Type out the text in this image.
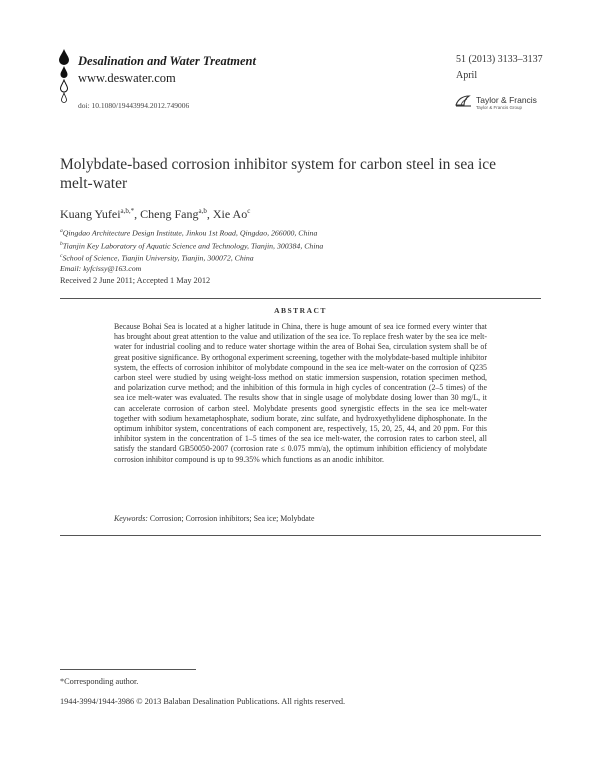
Desalination and Water Treatment
www.deswater.com
doi: 10.1080/19443994.2012.749006
51 (2013) 3133–3137
April
Taylor & Francis
Taylor & Francis Group
Molybdate-based corrosion inhibitor system for carbon steel in sea ice melt-water
Kuang Yufei$^{a,b,*}$, Cheng Fang$^{a,b}$, Xie Ao$^c$
$^a$Qingdao Architecture Design Institute, Jinkou 1st Road, Qingdao, 266000, China
$^b$Tianjin Key Laboratory of Aquatic Science and Technology, Tianjin, 300384, China
$^c$School of Science, Tianjin University, Tianjin, 300072, China
Email: kyfcissy@163.com
Received 2 June 2011; Accepted 1 May 2012
ABSTRACT
Because Bohai Sea is located at a higher latitude in China, there is huge amount of sea ice formed every winter that has brought about great attention to the value and utilization of the sea ice. To replace fresh water by the sea ice melt-water for industrial cooling and to reduce water shortage within the area of Bohai Sea, circulation system shall be of great positive significance. By orthogonal experiment screening, together with the molybdate-based multiple inhibitor system, the effects of corrosion inhibitor of molybdate compound in the sea ice melt-water on the corrosion of Q235 carbon steel were studied by using weight-loss method on static immersion suspension, rotation specimen method, and polarization curve method; and the inhibition of this formula in high cycles of concentration (2–5 times) of the sea ice melt-water was evaluated. The results show that in single usage of molybdate dosing lower than 30 mg/L, it can accelerate corrosion of carbon steel. Molybdate presents good synergistic effects in the sea ice melt-water together with sodium hexametaphosphate, sodium borate, zinc sulfate, and hydroxyethylidene diphosphonate. In the optimum inhibitor system, concentrations of each component are, respectively, 15, 20, 25, 44, and 20 ppm. For this inhibitor system in the concentration of 1–5 times of the sea ice melt-water, the corrosion rates to carbon steel, all satisfy the standard GB50050-2007 (corrosion rate ≤ 0.075 mm/a), the optimum inhibition efficiency of molybdate corrosion inhibitor compound is up to 99.35% which functions as an anodic inhibitor.
Keywords: Corrosion; Corrosion inhibitors; Sea ice; Molybdate
*Corresponding author.
1944-3994/1944-3986 © 2013 Balaban Desalination Publications. All rights reserved.
